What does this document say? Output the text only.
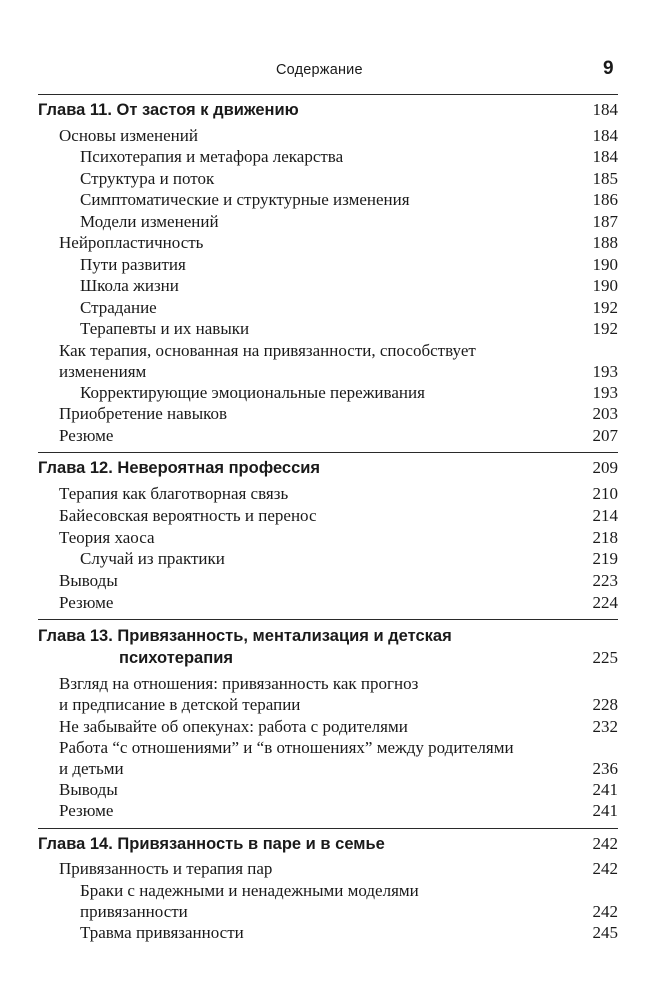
Содержание	9
Глава 11. От застоя к движению	184
Основы изменений	184
Психотерапия и метафора лекарства	184
Структура и поток	185
Симптоматические и структурные изменения	186
Модели изменений	187
Нейропластичность	188
Пути развития	190
Школа жизни	190
Страдание	192
Терапевты и их навыки	192
Как терапия, основанная на привязанности, способствует
изменениям	193
Корректирующие эмоциональные переживания	193
Приобретение навыков	203
Резюме	207
Глава 12. Невероятная профессия	209
Терапия как благотворная связь	210
Байесовская вероятность и перенос	214
Теория хаоса	218
Случай из практики	219
Выводы	223
Резюме	224
Глава 13. Привязанность, ментализация и детская
психотерапия	225
Взгляд на отношения: привязанность как прогноз
и предписание в детской терапии	228
Не забывайте об опекунах: работа с родителями	232
Работа “с отношениями” и “в отношениях” между родителями
и детьми	236
Выводы	241
Резюме	241
Глава 14. Привязанность в паре и в семье	242
Привязанность и терапия пар	242
Браки с надежными и ненадежными моделями
привязанности	242
Травма привязанности	245
